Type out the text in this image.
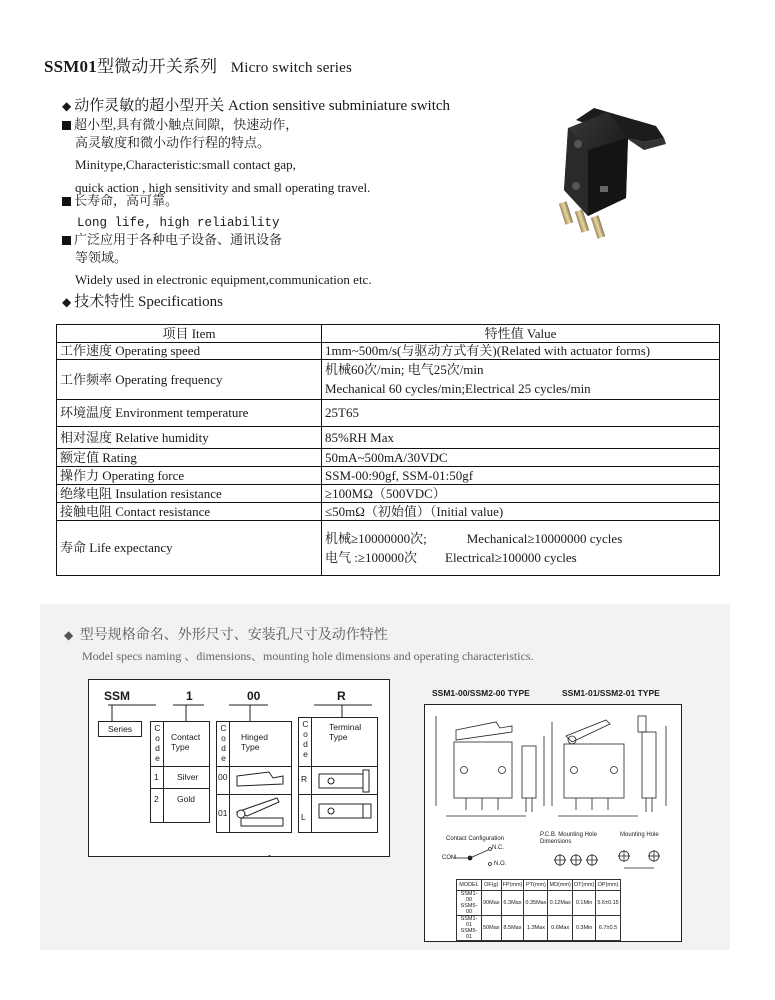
SSM01型微动开关系列 Micro switch series
◆ 动作灵敏的超小型开关 Action sensitive subminiature switch
超小型,具有微小触点间隙，快速动作，
高灵敏度和微小动作行程的特点。
Minitype,Characteristic:small contact gap,
quick action , high sensitivity and small operating travel.
长寿命，高可靠。
Long life, high reliability
广泛应用于各种电子设备、通讯设备
等领域。
Widely used in electronic equipment,communication etc.
◆ 技术特性 Specifications
项目 Item	特性值 Value
工作速度 Operating speed	1mm~500m/s(与驱动方式有关)(Related with actuator forms)
工作频率 Operating frequency	机械60次/min; 电气25次/min
Mechanical 60 cycles/min;Electrical 25 cycles/min

环境温度 Environment temperature	25T65
相对湿度 Relative humidity	85%RH Max
额定值 Rating	50mA~500mA/30VDC
操作力 Operating force	SSM-00:90gf, SSM-01:50gf
绝缘电阻 Insulation resistance	≥100MΩ（500VDC）
接触电阻 Contact resistance	≤50mΩ（初始值）（Initial value)
寿命 Life expectancy	机械≥10000000次; Mechanical≥10000000 cycles
电气 :≥100000次 Electrical≥100000 cycles
◆ 型号规格命名、外形尺寸、安装孔尺寸及动作特性
Model specs naming 、dimensions、mounting hole dimensions and operating characteristics.
SSM	1	00	R
Series	C o d e
Contact Type
1 Silver
2 Gold
C o d e
Hinged Type
00
01
C o d e
Terminal Type
R
L
•
SSM1-00/SSM2-00 TYPE	SSM1-01/SSM2-01 TYPE
Contact Configuration
P.C.B. Mounting Hole Dimensions
Mounting Hole
COM
N.C.
N.O.
MODEL	OF(g)	FP(mm)	PT(mm)	MD(mm)	OT(mm)	OP(mm)
SSM1-00 SSM5-00	90Max	6.3Max	0.35Max	0.12Max	0.1Min	5.6±0.15
SSM1-01 SSM5-01	50Max	8.5Max	1.3Max	0.6Max	0.3Min	6.7±0.5
